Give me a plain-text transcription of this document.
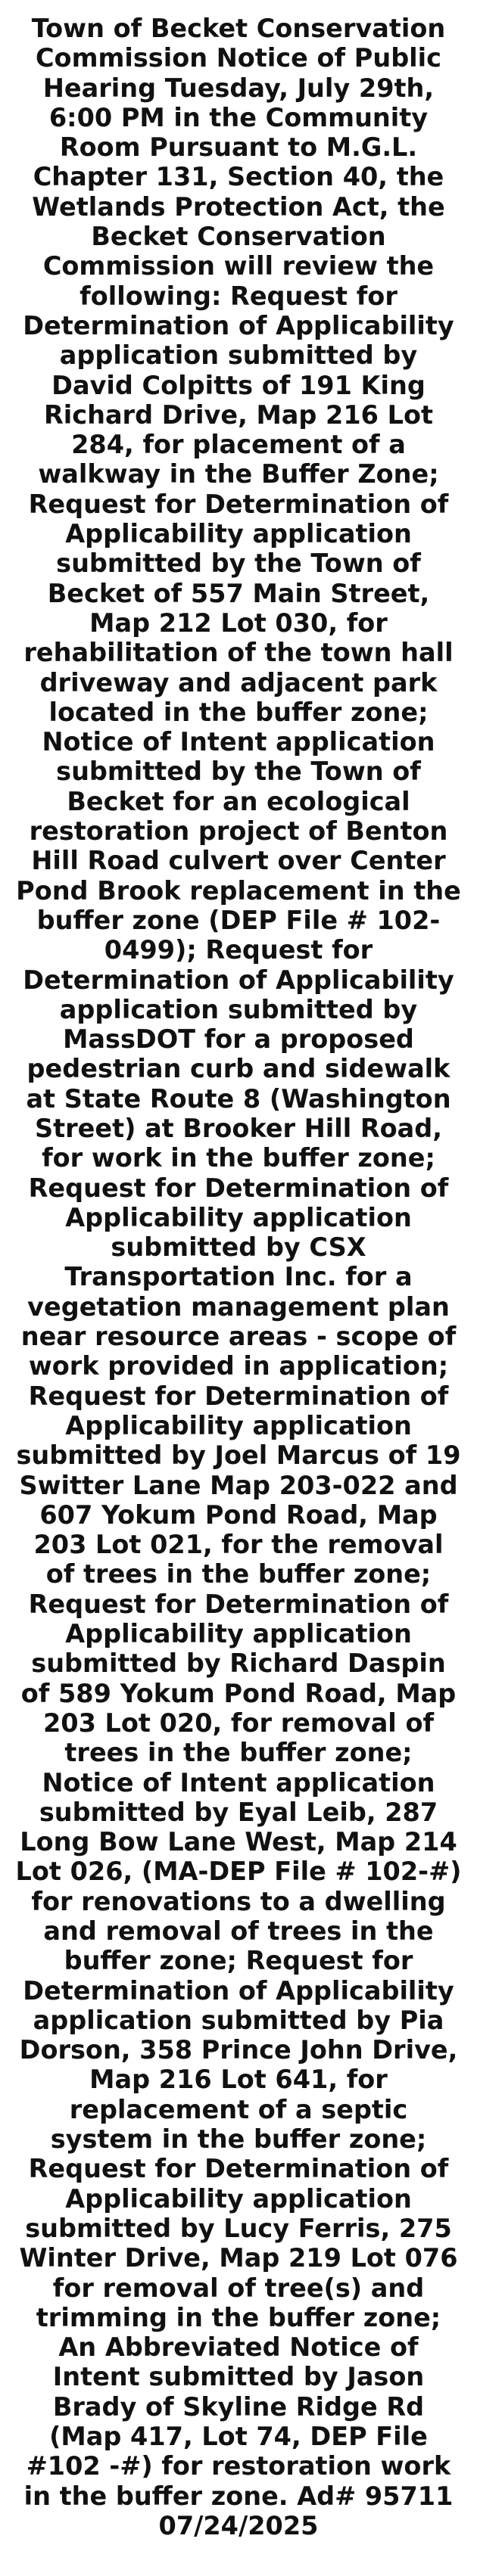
Town of Becket Conservation Commission Notice of Public Hearing Tuesday, July 29th, 6:00 PM in the Community Room Pursuant to M.G.L. Chapter 131, Section 40, the Wetlands Protection Act, the Becket Conservation Commission will review the following: Request for Determination of Applicability application submitted by David Colpitts of 191 King Richard Drive, Map 216 Lot 284, for placement of a walkway in the Buffer Zone; Request for Determination of Applicability application submitted by the Town of Becket of 557 Main Street, Map 212 Lot 030, for rehabilitation of the town hall driveway and adjacent park located in the buffer zone; Notice of Intent application submitted by the Town of Becket for an ecological restoration project of Benton Hill Road culvert over Center Pond Brook replacement in the buffer zone (DEP File # 102-0499); Request for Determination of Applicability application submitted by MassDOT for a proposed pedestrian curb and sidewalk at State Route 8 (Washington Street) at Brooker Hill Road, for work in the buffer zone; Request for Determination of Applicability application submitted by CSX Transportation Inc. for a vegetation management plan near resource areas - scope of work provided in application; Request for Determination of Applicability application submitted by Joel Marcus of 19 Switter Lane Map 203-022 and 607 Yokum Pond Road, Map 203 Lot 021, for the removal of trees in the buffer zone; Request for Determination of Applicability application submitted by Richard Daspin of 589 Yokum Pond Road, Map 203 Lot 020, for removal of trees in the buffer zone; Notice of Intent application submitted by Eyal Leib, 287 Long Bow Lane West, Map 214 Lot 026, (MA-DEP File # 102-#) for renovations to a dwelling and removal of trees in the buffer zone; Request for Determination of Applicability application submitted by Pia Dorson, 358 Prince John Drive, Map 216 Lot 641, for replacement of a septic system in the buffer zone; Request for Determination of Applicability application submitted by Lucy Ferris, 275 Winter Drive, Map 219 Lot 076 for removal of tree(s) and trimming in the buffer zone; An Abbreviated Notice of Intent submitted by Jason Brady of Skyline Ridge Rd (Map 417, Lot 74, DEP File #102 -#) for restoration work in the buffer zone. Ad# 95711
07/24/2025
